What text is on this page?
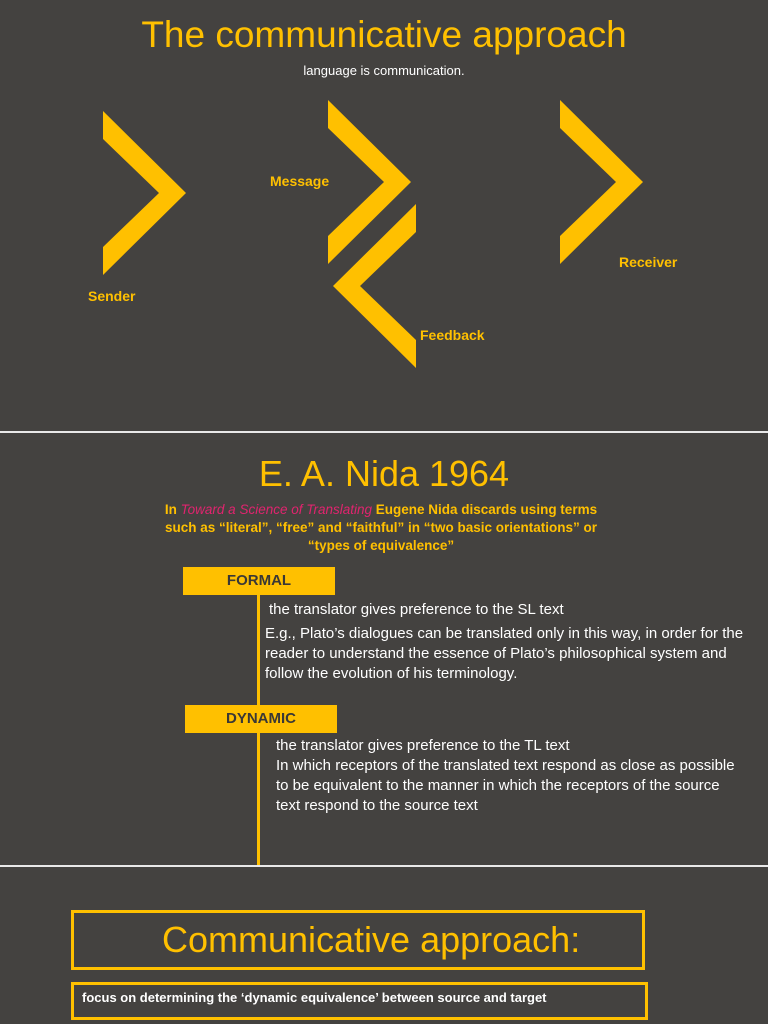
The communicative approach
language is communication.
Sender
Message
Receiver
Feedback
E. A. Nida 1964
In Toward a Science of Translating Eugene Nida discards using terms such as “literal”, “free” and “faithful” in “two basic orientations” or “types of equivalence”
FORMAL
the translator gives preference to the SL text
E.g., Plato’s dialogues can be translated only in this way, in order for the reader to understand the essence of Plato’s philosophical system and follow the evolution of his terminology.
DYNAMIC
the translator gives preference to the TL text
In which receptors of the translated text respond as close as possible to be equivalent to the manner in which the receptors of the source text respond to the source text
Communicative approach:
focus on determining the ‘dynamic equivalence’ between source and target
